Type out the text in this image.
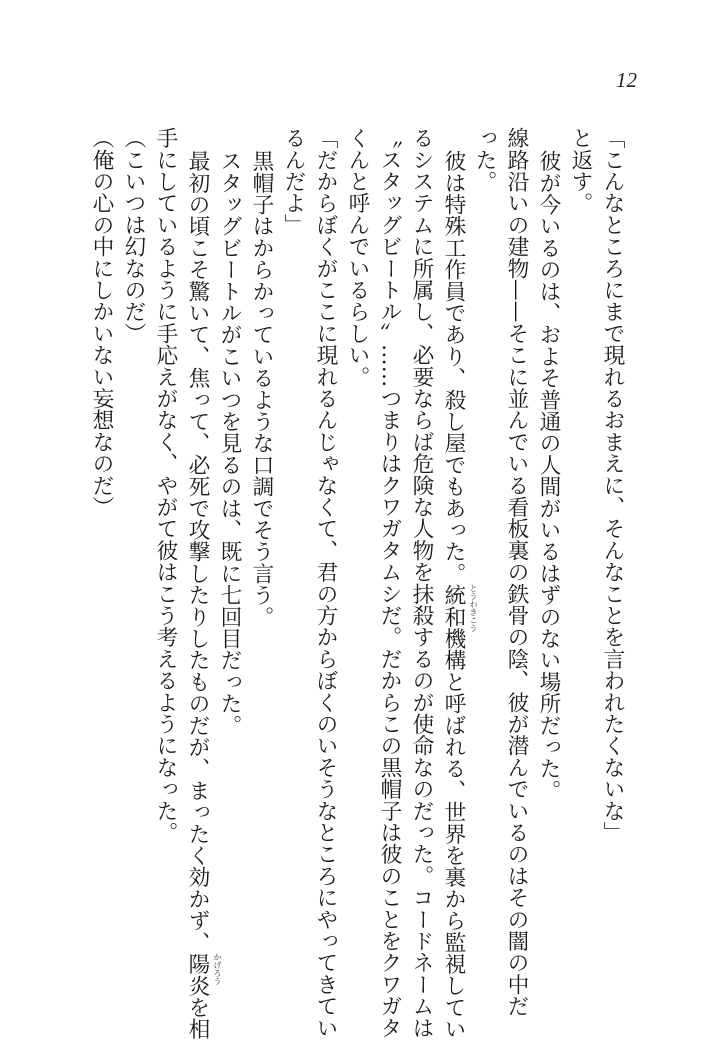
12
「こんなところにまで現れるおまえに、そんなことを言われたくないな」
と返す。
彼が今いるのは、およそ普通の人間がいるはずのない場所だった。
線路沿いの建物——そこに並んでいる看板裏の鉄骨の陰、彼が潜んでいるのはその闇の中だ
った。
彼は特殊工作員であり、殺し屋でもあった。統和機構 とうわきこう
と呼ばれる、世界を裏から監視してい
るシステムに所属し、必要ならば危険な人物を抹殺するのが使命なのだった。コードネームは
〝スタッグビートル〟……つまりはクワガタムシだ。だからこの黒帽子は彼のことをクワガタ
くんと呼んでいるらしい。
「だからぼくがここに現れるんじゃなくて、君の方からぼくのいそうなところにやってきてい
るんだよ」
黒帽子はからかっているような口調でそう言う。
スタッグビートルがこいつを見るのは、既に七回目だった。
最初の頃こそ驚いて、焦って、必死で攻撃したりしたものだが、まったく効かず、陽炎 かげろう
を相
手にしているように手応えがなく、やがて彼はこう考えるようになった。
（こいつは幻なのだ）
（俺の心の中にしかいない妄想なのだ）
